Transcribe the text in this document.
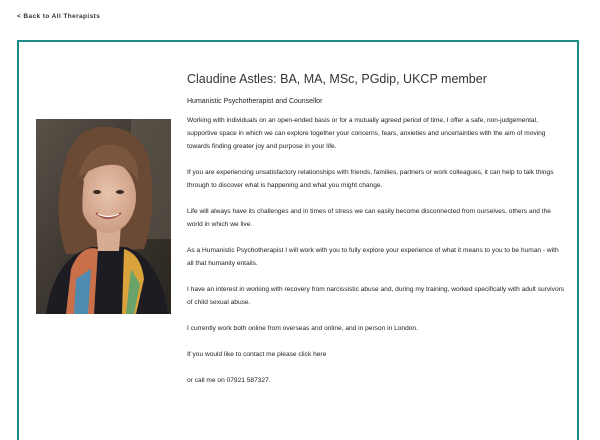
< Back to All Therapists
Claudine Astles: BA, MA, MSc, PGdip, UKCP member

Humanistic Psychotherapist and Counsellor

Working with individuals on an open-ended basis or for a mutually agreed period of time, I offer a safe, non-judgemental, supportive space in which we can explore together your concerns, fears, anxieties and uncertainties with the aim of moving towards finding greater joy and purpose in your life.

If you are experiencing unsatisfactory relationships with friends, families, partners or work colleagues, it can help to talk things through to discover what is happening and what you might change.

Life will always have its challenges and in times of stress we can easily become disconnected from ourselves, others and the world in which we live.

As a Humanistic Psychotherapist I will work with you to fully explore your experience of what it means to you to be human - with all that humanity entails.

I have an interest in working with recovery from narcissistic abuse and, during my training, worked specifically with adult survivors of child sexual abuse.

I currently work both online from overseas and online, and in person in London.

If you would like to contact me please click here

or call me on 07921 587327.
